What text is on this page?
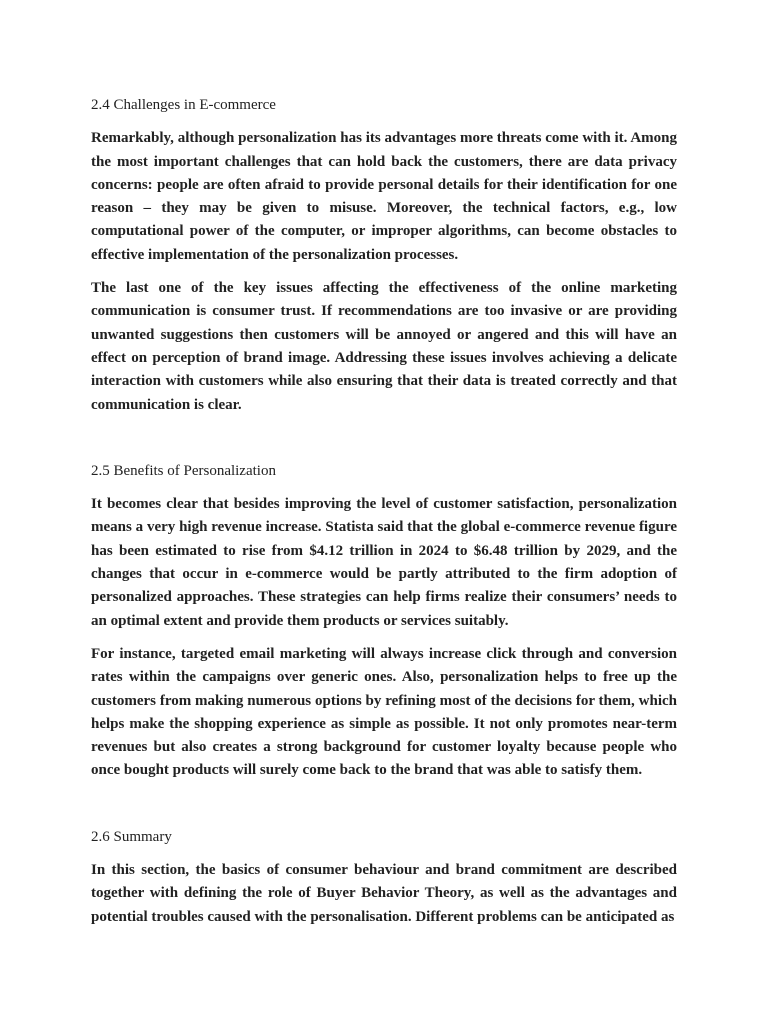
2.4 Challenges in E-commerce

Remarkably, although personalization has its advantages more threats come with it. Among the most important challenges that can hold back the customers, there are data privacy concerns: people are often afraid to provide personal details for their identification for one reason – they may be given to misuse. Moreover, the technical factors, e.g., low computational power of the computer, or improper algorithms, can become obstacles to effective implementation of the personalization processes.

The last one of the key issues affecting the effectiveness of the online marketing communication is consumer trust. If recommendations are too invasive or are providing unwanted suggestions then customers will be annoyed or angered and this will have an effect on perception of brand image. Addressing these issues involves achieving a delicate interaction with customers while also ensuring that their data is treated correctly and that communication is clear.

2.5 Benefits of Personalization

It becomes clear that besides improving the level of customer satisfaction, personalization means a very high revenue increase. Statista said that the global e-commerce revenue figure has been estimated to rise from $4.12 trillion in 2024 to $6.48 trillion by 2029, and the changes that occur in e-commerce would be partly attributed to the firm adoption of personalized approaches. These strategies can help firms realize their consumers’ needs to an optimal extent and provide them products or services suitably.

For instance, targeted email marketing will always increase click through and conversion rates within the campaigns over generic ones. Also, personalization helps to free up the customers from making numerous options by refining most of the decisions for them, which helps make the shopping experience as simple as possible. It not only promotes near-term revenues but also creates a strong background for customer loyalty because people who once bought products will surely come back to the brand that was able to satisfy them.

2.6 Summary

In this section, the basics of consumer behaviour and brand commitment are described together with defining the role of Buyer Behavior Theory, as well as the advantages and potential troubles caused with the personalisation. Different problems can be anticipated as
